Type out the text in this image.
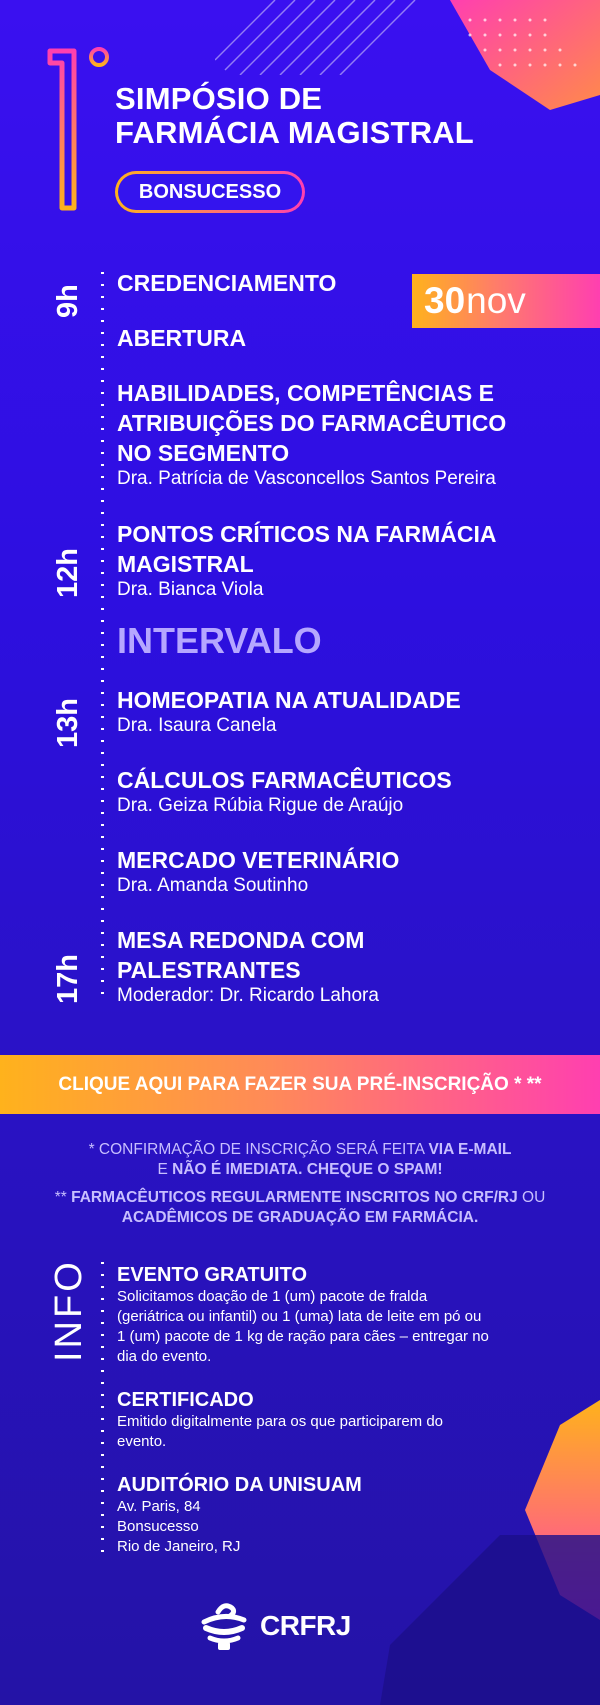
SIMPÓSIO DE
FARMÁCIA MAGISTRAL
BONSUCESSO
30 nov
9h
12h
13h
17h
CREDENCIAMENTO
ABERTURA
HABILIDADES, COMPETÊNCIAS E
ATRIBUIÇÕES DO FARMACÊUTICO
NO SEGMENTO
Dra. Patrícia de Vasconcellos Santos Pereira
PONTOS CRÍTICOS NA FARMÁCIA
MAGISTRAL
Dra. Bianca Viola
INTERVALO
HOMEOPATIA NA ATUALIDADE
Dra. Isaura Canela
CÁLCULOS FARMACÊUTICOS
Dra. Geiza Rúbia Rigue de Araújo
MERCADO VETERINÁRIO
Dra. Amanda Soutinho
MESA REDONDA COM
PALESTRANTES
Moderador: Dr. Ricardo Lahora
CLIQUE AQUI PARA FAZER SUA PRÉ-INSCRIÇÃO * **
* CONFIRMAÇÃO DE INSCRIÇÃO SERÁ FEITA VIA E-MAIL
E NÃO É IMEDIATA. CHEQUE O SPAM!
** FARMACÊUTICOS REGULARMENTE INSCRITOS NO CRF/RJ OU
ACADÊMICOS DE GRADUAÇÃO EM FARMÁCIA.
INFO EVENTO GRATUITO
Solicitamos doação de 1 (um) pacote de fralda
(geriátrica ou infantil) ou 1 (uma) lata de leite em pó ou
1 (um) pacote de 1 kg de ração para cães – entregar no
dia do evento.
CERTIFICADO
Emitido digitalmente para os que participarem do
evento.
AUDITÓRIO DA UNISUAM
Av. Paris, 84
Bonsucesso
Rio de Janeiro, RJ
CRFRJ
